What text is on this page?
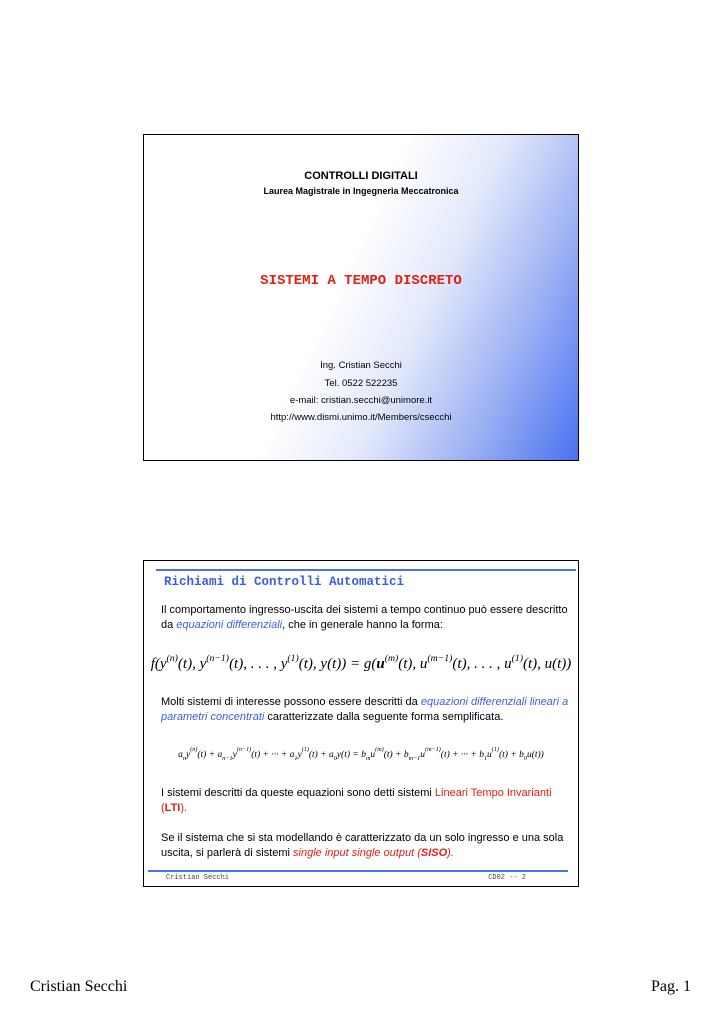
CONTROLLI DIGITALI
Laurea Magistrale in Ingegneria Meccatronica
SISTEMI A TEMPO DISCRETO
Ing. Cristian Secchi
Tel. 0522 522235
e-mail: cristian.secchi@unimore.it
http://www.dismi.unimo.it/Members/csecchi
Richiami di Controlli Automatici
Il comportamento ingresso-uscita dei sistemi a tempo continuo può essere descritto da equazioni differenziali, che in generale hanno la forma:
$f(y^{(n)}(t)$, $y^{(n-1)}(t)$, . . . , $y^{(1)}(t)$, $y(t)) = g(u^{(m)}(t)$, $u^{(m-1)}(t)$, . . . , $u^{(1)}(t)$, u(t))
Molti sistemi di interesse possono essere descritti da equazioni differenziali lineari a parametri concentrati caratterizzate dalla seguente forma semplificata.
$a_ny^{(n)}(t) + a_{n-1}y^{(n-1)}(t)$ + ··· + $a_1y^{(1)}(t) + a_0y(t) = b_mu^{(m)}(t) + b_{m-1}u^{(m-1)}(t)$ + ··· + $b_1u^{(1)}(t) + b_0u(t)$)
I sistemi descritti da queste equazioni sono detti sistemi Lineari Tempo Invarianti (LTI).
Se il sistema che si sta modellando è caratterizzato da un solo ingresso e una sola uscita, si parlerà di sistemi single input single output (SISO).
Cristian Secchi	CD02 -- 2
Cristian Secchi	Pag. 1
